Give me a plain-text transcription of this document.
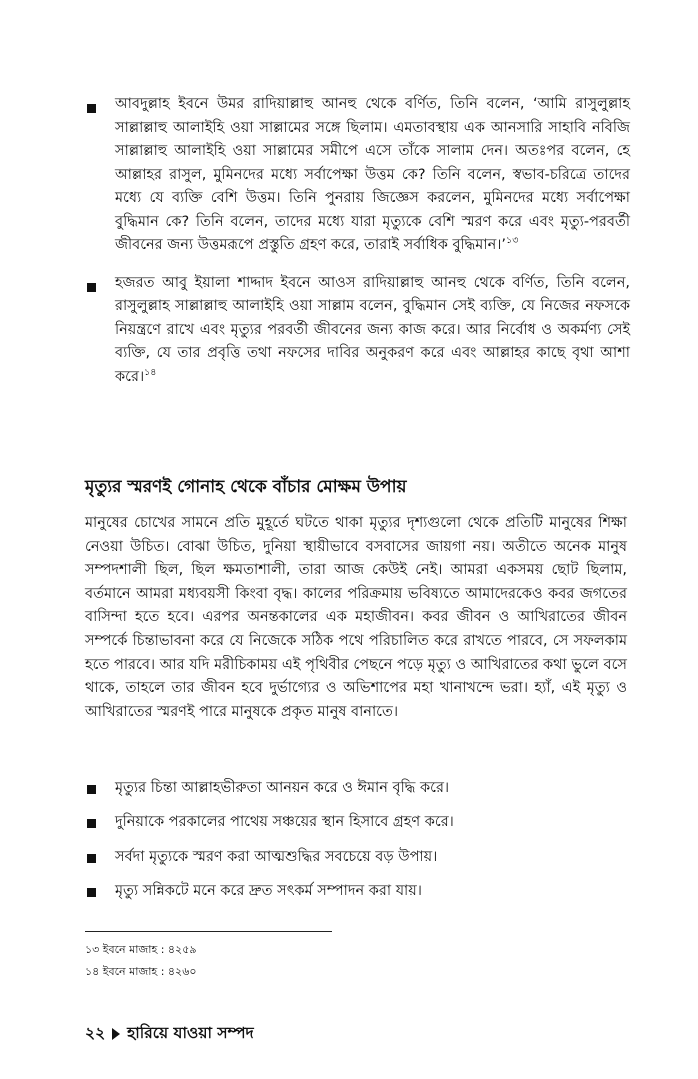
আবদুল্লাহ ইবনে উমর রাদিয়াল্লাহু আনহু থেকে বর্ণিত, তিনি বলেন, ‘আমি রাসুলুল্লাহ সাল্লাল্লাহু আলাইহি ওয়া সাল্লামের সঙ্গে ছিলাম। এমতাবস্থায় এক আনসারি সাহাবি নবিজি সাল্লাল্লাহু আলাইহি ওয়া সাল্লামের সমীপে এসে তাঁকে সালাম দেন। অতঃপর বলেন, হে আল্লাহর রাসুল, মুমিনদের মধ্যে সর্বাপেক্ষা উত্তম কে? তিনি বলেন, স্বভাব-চরিত্রে তাদের মধ্যে যে ব্যক্তি বেশি উত্তম। তিনি পুনরায় জিজ্ঞেস করলেন, মুমিনদের মধ্যে সর্বাপেক্ষা বুদ্ধিমান কে? তিনি বলেন, তাদের মধ্যে যারা মৃত্যুকে বেশি স্মরণ করে এবং মৃত্যু-পরবর্তী জীবনের জন্য উত্তমরূপে প্রস্তুতি গ্রহণ করে, তারাই সর্বাধিক বুদ্ধিমান।’$^{১৩}$

হজরত আবু ইয়ালা শাদ্দাদ ইবনে আওস রাদিয়াল্লাহু আনহু থেকে বর্ণিত, তিনি বলেন, রাসুলুল্লাহ সাল্লাল্লাহু আলাইহি ওয়া সাল্লাম বলেন, বুদ্ধিমান সেই ব্যক্তি, যে নিজের নফসকে নিয়ন্ত্রণে রাখে এবং মৃত্যুর পরবর্তী জীবনের জন্য কাজ করে। আর নির্বোধ ও অকর্মণ্য সেই ব্যক্তি, যে তার প্রবৃত্তি তথা নফসের দাবির অনুকরণ করে এবং আল্লাহর কাছে বৃথা আশা করে।$^{১৪}$

মৃত্যুর স্মরণই গোনাহ থেকে বাঁচার মোক্ষম উপায়

মানুষের চোখের সামনে প্রতি মুহূর্তে ঘটতে থাকা মৃত্যুর দৃশ্যগুলো থেকে প্রতিটি মানুষের শিক্ষা নেওয়া উচিত। বোঝা উচিত, দুনিয়া স্থায়ীভাবে বসবাসের জায়গা নয়। অতীতে অনেক মানুষ সম্পদশালী ছিল, ছিল ক্ষমতাশালী, তারা আজ কেউই নেই। আমরা একসময় ছোট ছিলাম, বর্তমানে আমরা মধ্যবয়সী কিংবা বৃদ্ধ। কালের পরিক্রমায় ভবিষ্যতে আমাদেরকেও কবর জগতের বাসিন্দা হতে হবে। এরপর অনন্তকালের এক মহাজীবন। কবর জীবন ও আখিরাতের জীবন সম্পর্কে চিন্তাভাবনা করে যে নিজেকে সঠিক পথে পরিচালিত করে রাখতে পারবে, সে সফলকাম হতে পারবে। আর যদি মরীচিকাময় এই পৃথিবীর পেছনে পড়ে মৃত্যু ও আখিরাতের কথা ভুলে বসে থাকে, তাহলে তার জীবন হবে দুর্ভাগ্যের ও অভিশাপের মহা খানাখন্দে ভরা। হ্যাঁ, এই মৃত্যু ও আখিরাতের স্মরণই পারে মানুষকে প্রকৃত মানুষ বানাতে।

মৃত্যুর চিন্তা আল্লাহভীরুতা আনয়ন করে ও ঈমান বৃদ্ধি করে।
দুনিয়াকে পরকালের পাথেয় সঞ্চয়ের স্থান হিসাবে গ্রহণ করে।
সর্বদা মৃত্যুকে স্মরণ করা আত্মশুদ্ধির সবচেয়ে বড় উপায়।
মৃত্যু সন্নিকটে মনে করে দ্রুত সৎকর্ম সম্পাদন করা যায়।
১৩ ইবনে মাজাহ : ৪২৫৯
১৪ ইবনে মাজাহ : ৪২৬০
২২ হারিয়ে যাওয়া সম্পদ
